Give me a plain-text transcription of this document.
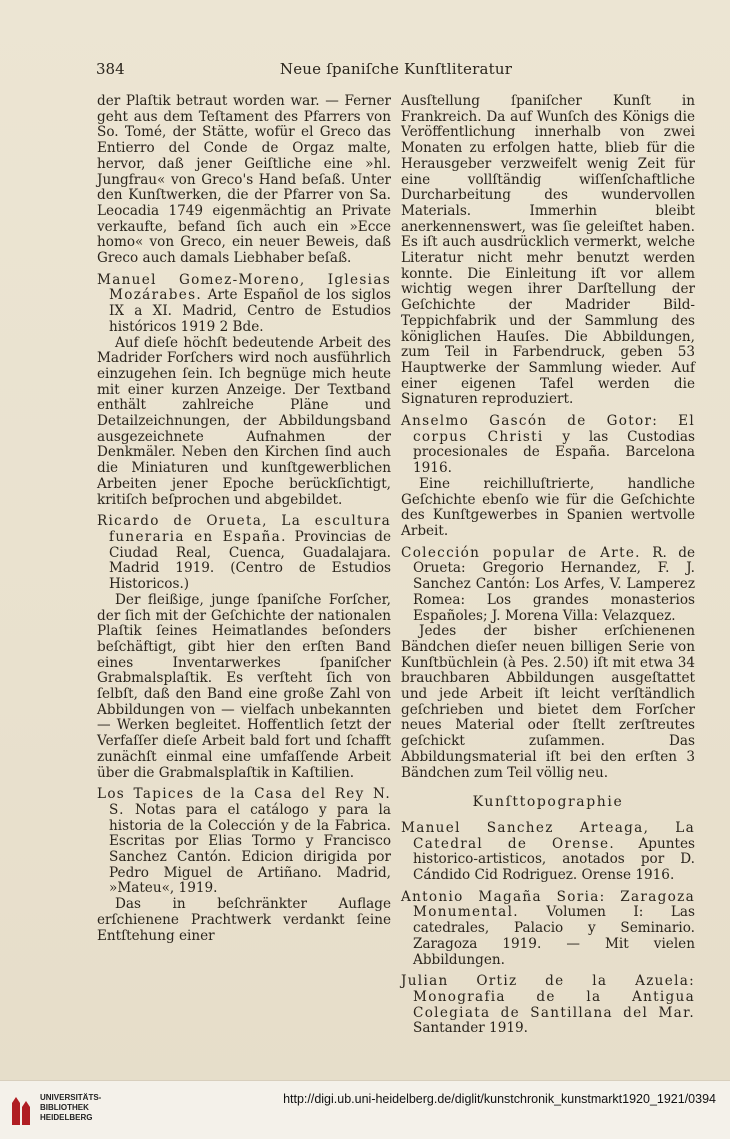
384	Neue ſpaniſche Kunſtliteratur

der Plaſtik betraut worden war. — Ferner geht aus dem Teſtament des Pfarrers von So. Tomé, der Stätte, wofür el Greco das Entierro del Conde de Orgaz malte, hervor, daß jener Geiſtliche eine »hl. Jungfrau« von Greco's Hand beſaß. Unter den Kunſtwerken, die der Pfarrer von Sa. Leocadia 1749 eigenmächtig an Private verkaufte, befand ſich auch ein »Ecce homo« von Greco, ein neuer Beweis, daß Greco auch damals Liebhaber beſaß.

Manuel Gomez-Moreno, Iglesias Mozárabes. Arte Español de los siglos IX a XI. Madrid, Centro de Estudios históricos 1919 2 Bde.

Auf dieſe höchſt bedeutende Arbeit des Madrider Forſchers wird noch ausführlich einzugehen ſein. Ich begnüge mich heute mit einer kurzen Anzeige. Der Textband enthält zahlreiche Pläne und Detailzeichnungen, der Abbildungsband ausgezeichnete Aufnahmen der Denkmäler. Neben den Kirchen ſind auch die Miniaturen und kunſtgewerblichen Arbeiten jener Epoche berückſichtigt, kritiſch beſprochen und abgebildet.

Ricardo de Orueta, La escultura funeraria en España. Provincias de Ciudad Real, Cuenca, Guadalajara. Madrid 1919. (Centro de Estudios Historicos.)

Der fleißige, junge ſpaniſche Forſcher, der ſich mit der Geſchichte der nationalen Plaſtik ſeines Heimatlandes beſonders beſchäftigt, gibt hier den erſten Band eines Inventarwerkes ſpaniſcher Grabmalsplaſtik. Es verſteht ſich von ſelbſt, daß den Band eine große Zahl von Abbildungen von — vielfach unbekannten — Werken begleitet. Hoffentlich ſetzt der Verfaſſer dieſe Arbeit bald fort und ſchafft zunächſt einmal eine umfaſſende Arbeit über die Grabmalsplaſtik in Kaſtilien.

Los Tapices de la Casa del Rey N. S. Notas para el catálogo y para la historia de la Colección y de la Fabrica. Escritas por Elias Tormo y Francisco Sanchez Cantón. Edicion dirigida por Pedro Miguel de Artiñano. Madrid, »Mateu«, 1919.

Das in beſchränkter Auflage erſchienene Prachtwerk verdankt ſeine Entſtehung einer

Ausſtellung ſpaniſcher Kunſt in Frankreich. Da auf Wunſch des Königs die Veröffentlichung innerhalb von zwei Monaten zu erfolgen hatte, blieb für die Herausgeber verzweifelt wenig Zeit für eine vollſtändig wiſſenſchaftliche Durcharbeitung des wundervollen Materials. Immerhin bleibt anerkennenswert, was ſie geleiſtet haben. Es iſt auch ausdrücklich vermerkt, welche Literatur nicht mehr benutzt werden konnte. Die Einleitung iſt vor allem wichtig wegen ihrer Darſtellung der Geſchichte der Madrider Bild-Teppichfabrik und der Sammlung des königlichen Hauſes. Die Abbildungen, zum Teil in Farbendruck, geben 53 Hauptwerke der Sammlung wieder. Auf einer eigenen Tafel werden die Signaturen reproduziert.

Anselmo Gascón de Gotor: El corpus Christi y las Custodias procesionales de España. Barcelona 1916.

Eine reichilluſtrierte, handliche Geſchichte ebenſo wie für die Geſchichte des Kunſtgewerbes in Spanien wertvolle Arbeit.

Colección popular de Arte. R. de Orueta: Gregorio Hernandez, F. J. Sanchez Cantón: Los Arfes, V. Lamperez Romea: Los grandes monasterios Españoles; J. Morena Villa: Velazquez.

Jedes der bisher erſchienenen Bändchen dieſer neuen billigen Serie von Kunſtbüchlein (à Pes. 2.50) iſt mit etwa 34 brauchbaren Abbildungen ausgeſtattet und jede Arbeit iſt leicht verſtändlich geſchrieben und bietet dem Forſcher neues Material oder ſtellt zerſtreutes geſchickt zuſammen. Das Abbildungsmaterial iſt bei den erſten 3 Bändchen zum Teil völlig neu.

Kunſttopographie

Manuel Sanchez Arteaga, La Catedral de Orense. Apuntes historico-artisticos, anotados por D. Cándido Cid Rodriguez. Orense 1916.

Antonio Magaña Soria: Zaragoza Monumental. Volumen I: Las catedrales, Palacio y Seminario. Zaragoza 1919. — Mit vielen Abbildungen.

Julian Ortiz de la Azuela: Monografia de la Antigua Colegiata de Santillana del Mar. Santander 1919.

UNIVERSITÄTS-
BIBLIOTHEK
HEIDELBERG
http://digi.ub.uni-heidelberg.de/diglit/kunstchronik_kunstmarkt1920_1921/0394
